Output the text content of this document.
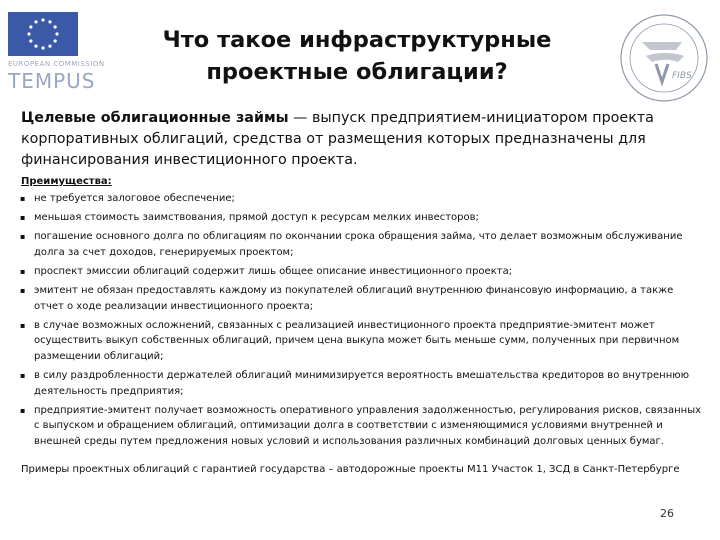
EUROPEAN COMMISSION
TEMPUS	FIBS
Что такое инфраструктурные проектные облигации?
Целевые облигационные займы — выпуск предприятием-инициатором проекта корпоративных облигаций, средства от размещения которых предназначены для финансирования инвестиционного проекта.
Преимущества:
▪ не требуется залоговое обеспечение;
▪ меньшая стоимость заимствования, прямой доступ к ресурсам мелких инвесторов;
▪ погашение основного долга по облигациям по окончании срока обращения займа, что делает возможным обслуживание долга за счет доходов, генерируемых проектом;
▪ проспект эмиссии облигаций содержит лишь общее описание инвестиционного проекта;
▪ эмитент не обязан предоставлять каждому из покупателей облигаций внутреннюю финансовую информацию, а также отчет о ходе реализации инвестиционного проекта;
▪ в случае возможных осложнений, связанных с реализацией инвестиционного проекта предприятие-эмитент может осуществить выкуп собственных облигаций, причем цена выкупа может быть меньше сумм, полученных при первичном размещении облигаций;
▪ в силу раздробленности держателей облигаций минимизируется вероятность вмешательства кредиторов во внутреннюю деятельность предприятия;
▪ предприятие-эмитент получает возможность оперативного управления задолженностью, регулирования рисков, связанных с выпуском и обращением облигаций, оптимизации долга в соответствии с изменяющимися условиями внутренней и внешней среды путем предложения новых условий и использования различных комбинаций долговых ценных бумаг.
Примеры проектных облигаций с гарантией государства – автодорожные проекты М11 Участок 1, ЗСД в Санкт-Петербурге
26
